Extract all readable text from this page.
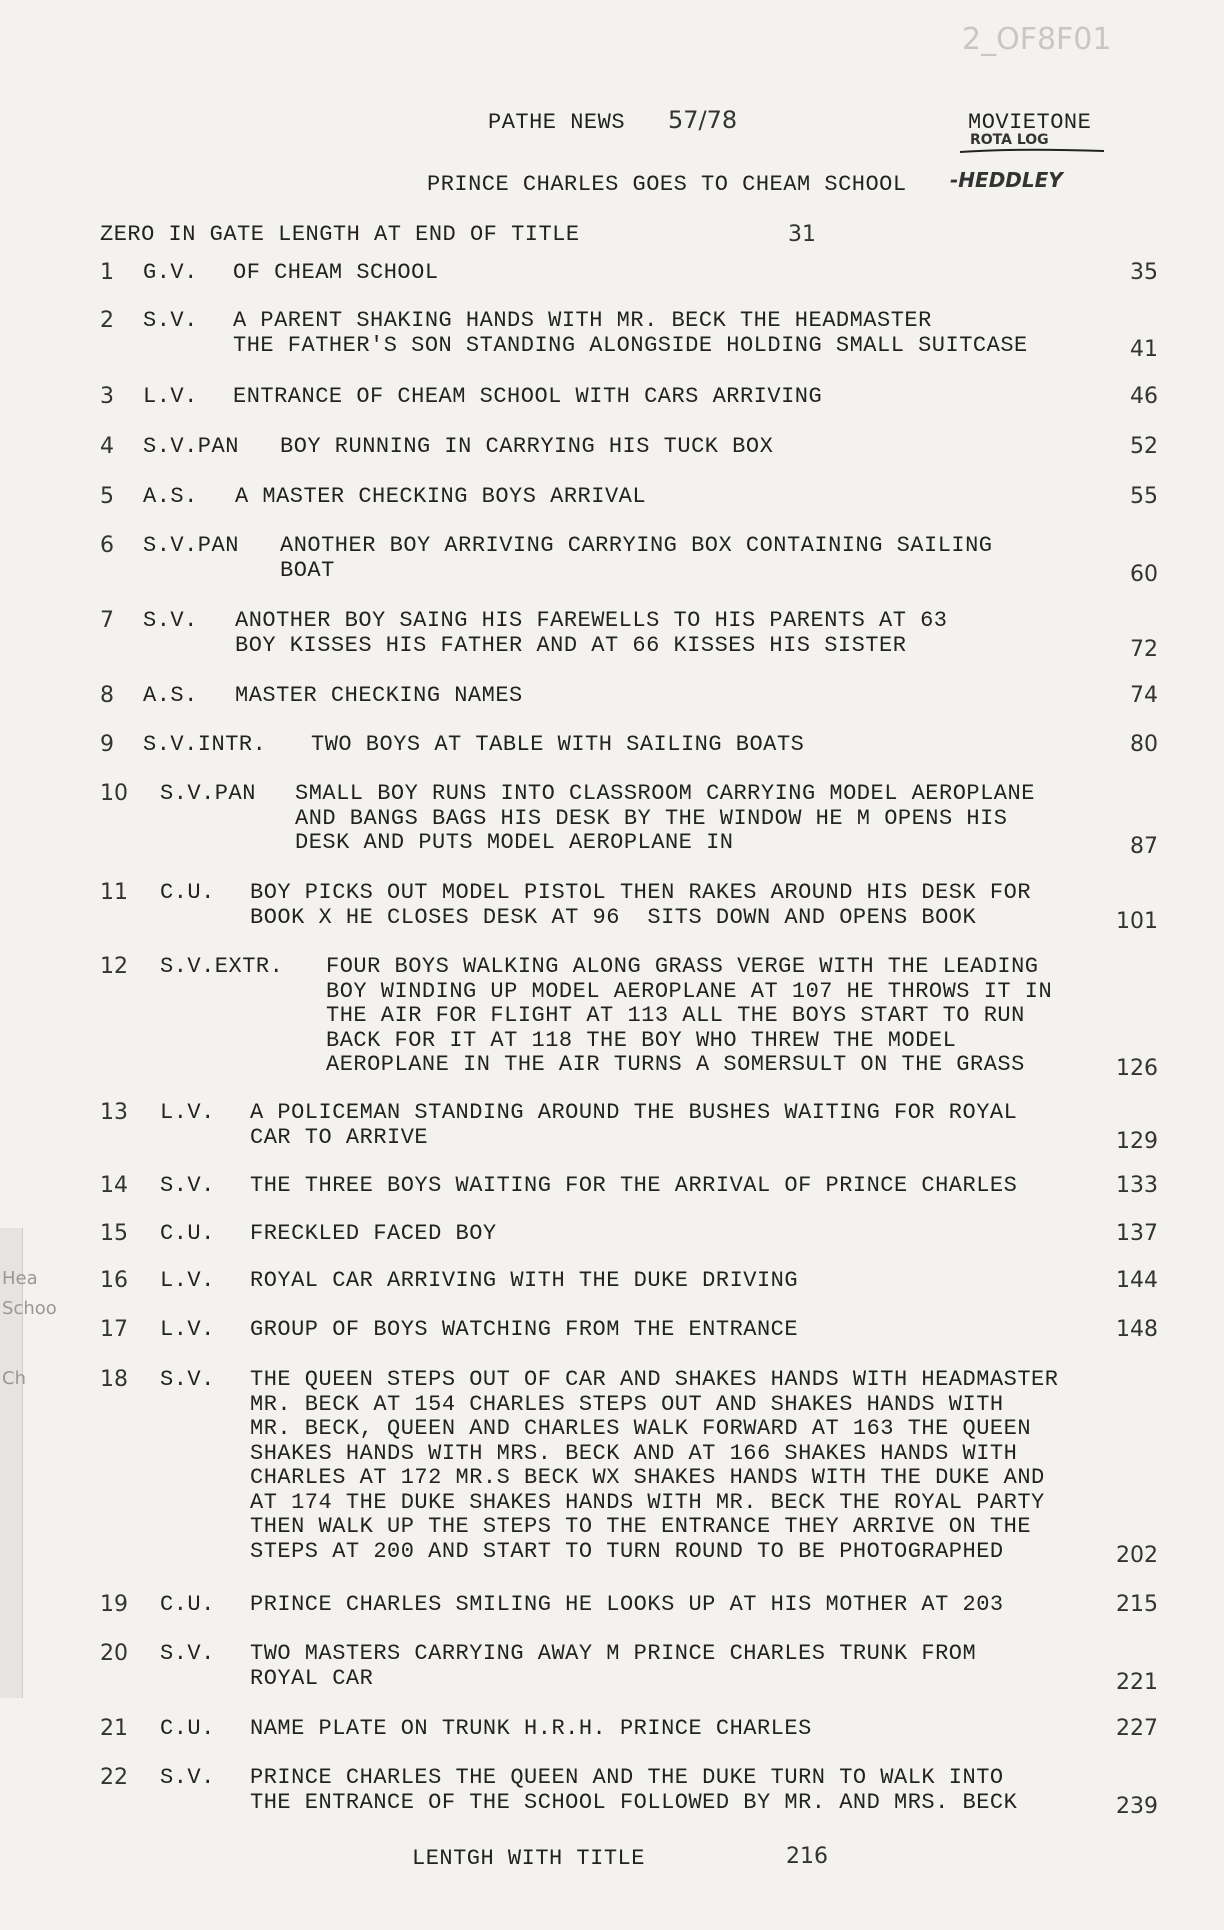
2_OF8F01
PATHE NEWS 57/78	MOVIETONE
ROTA LOG
PRINCE CHARLES GOES TO CHEAM SCHOOL -HEDDLEY
ZERO IN GATE LENGTH AT END OF TITLE	31
1 G.V. OF CHEAM SCHOOL	35
2 S.V. A PARENT SHAKING HANDS WITH MR. BECK THE HEADMASTER
THE FATHER'S SON STANDING ALONGSIDE HOLDING SMALL SUITCASE	41
3 L.V. ENTRANCE OF CHEAM SCHOOL WITH CARS ARRIVING	46
4 S.V.PAN BOY RUNNING IN CARRYING HIS TUCK BOX	52
5 A.S. A MASTER CHECKING BOYS ARRIVAL	55
6 S.V.PAN ANOTHER BOY ARRIVING CARRYING BOX CONTAINING SAILING
BOAT	60
7 S.V. ANOTHER BOY SAING HIS FAREWELLS TO HIS PARENTS AT 63
BOY KISSES HIS FATHER AND AT 66 KISSES HIS SISTER	72
8 A.S. MASTER CHECKING NAMES	74
9 S.V.INTR. TWO BOYS AT TABLE WITH SAILING BOATS	80
10 S.V.PAN SMALL BOY RUNS INTO CLASSROOM CARRYING MODEL AEROPLANE
AND BANGS BAGS HIS DESK BY THE WINDOW HE M OPENS HIS
DESK AND PUTS MODEL AEROPLANE IN	87
11 C.U. BOY PICKS OUT MODEL PISTOL THEN RAKES AROUND HIS DESK FOR
BOOK X HE CLOSES DESK AT 96  SITS DOWN AND OPENS BOOK	101
12 S.V.EXTR. FOUR BOYS WALKING ALONG GRASS VERGE WITH THE LEADING
BOY WINDING UP MODEL AEROPLANE AT 107 HE THROWS IT IN
THE AIR FOR FLIGHT AT 113 ALL THE BOYS START TO RUN
BACK FOR IT AT 118 THE BOY WHO THREW THE MODEL
AEROPLANE IN THE AIR TURNS A SOMERSULT ON THE GRASS	126
13 L.V. A POLICEMAN STANDING AROUND THE BUSHES WAITING FOR ROYAL
CAR TO ARRIVE	129
14 S.V. THE THREE BOYS WAITING FOR THE ARRIVAL OF PRINCE CHARLES	133
15 C.U. FRECKLED FACED BOY	137
16 L.V. ROYAL CAR ARRIVING WITH THE DUKE DRIVING	144
17 L.V. GROUP OF BOYS WATCHING FROM THE ENTRANCE	148
18 S.V. THE QUEEN STEPS OUT OF CAR AND SHAKES HANDS WITH HEADMASTER
MR. BECK AT 154 CHARLES STEPS OUT AND SHAKES HANDS WITH
MR. BECK, QUEEN AND CHARLES WALK FORWARD AT 163 THE QUEEN
SHAKES HANDS WITH MRS. BECK AND AT 166 SHAKES HANDS WITH
CHARLES AT 172 MR.S BECK WX SHAKES HANDS WITH THE DUKE AND
AT 174 THE DUKE SHAKES HANDS WITH MR. BECK THE ROYAL PARTY
THEN WALK UP THE STEPS TO THE ENTRANCE THEY ARRIVE ON THE
STEPS AT 200 AND START TO TURN ROUND TO BE PHOTOGRAPHED	202
19 C.U. PRINCE CHARLES SMILING HE LOOKS UP AT HIS MOTHER AT 203	215
20 S.V. TWO MASTERS CARRYING AWAY M PRINCE CHARLES TRUNK FROM
ROYAL CAR	221
21 C.U. NAME PLATE ON TRUNK H.R.H. PRINCE CHARLES	227
22 S.V. PRINCE CHARLES THE QUEEN AND THE DUKE TURN TO WALK INTO
THE ENTRANCE OF THE SCHOOL FOLLOWED BY MR. AND MRS. BECK	239
LENTGH WITH TITLE	216
Hea
Schoo
Ch
